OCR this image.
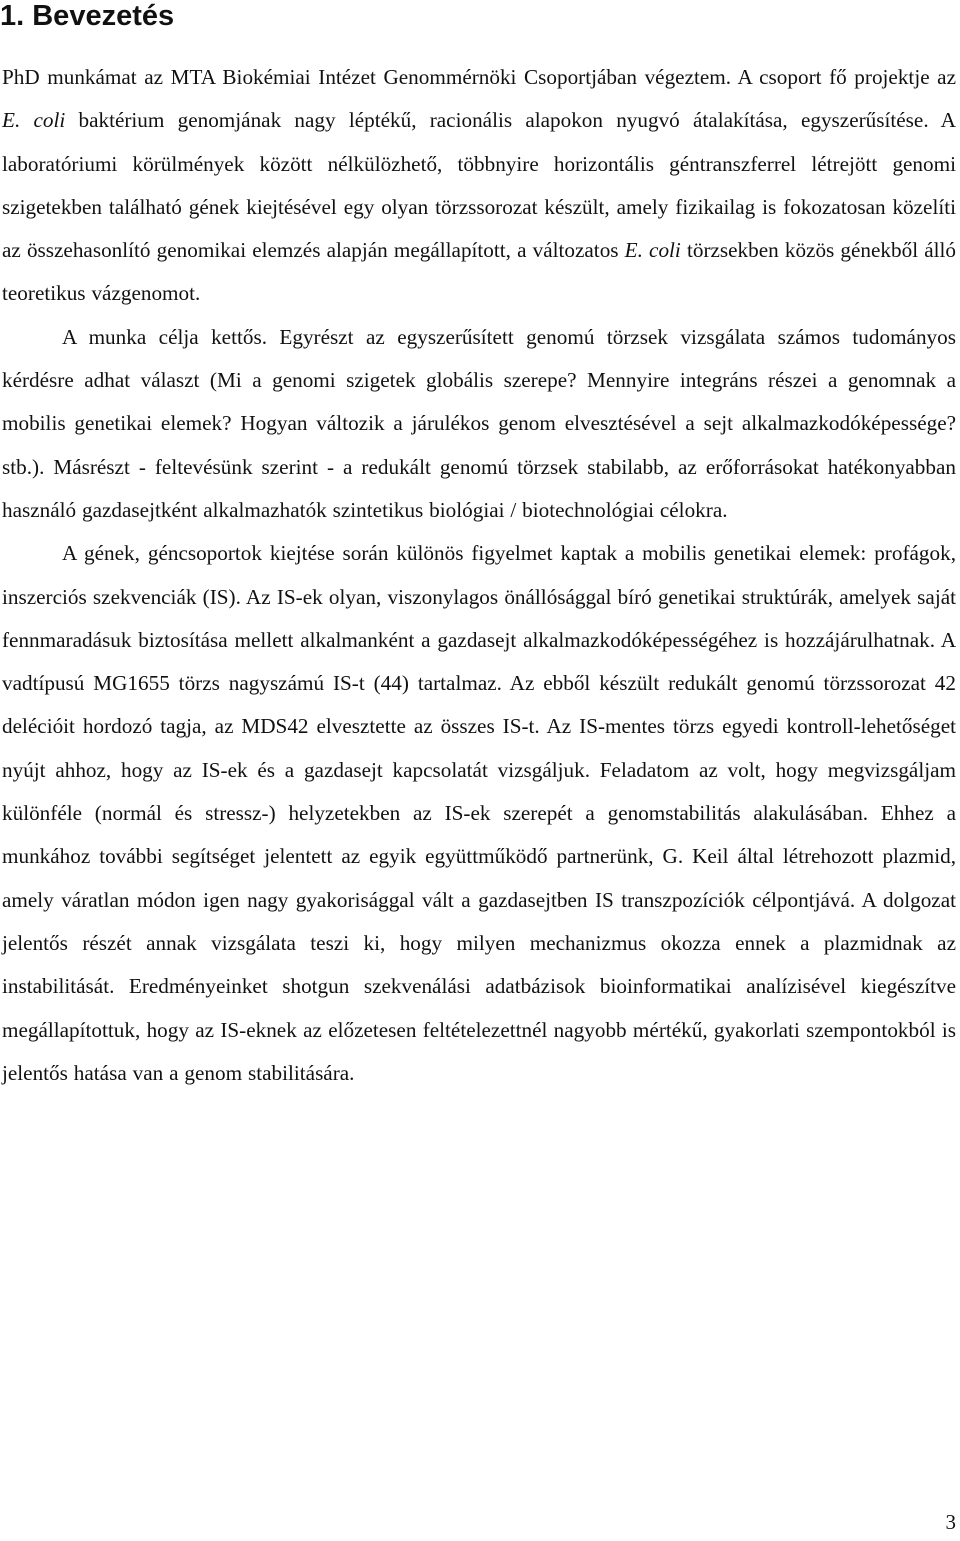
1. Bevezetés

PhD munkámat az MTA Biokémiai Intézet Genommérnöki Csoportjában végeztem. A csoport fő projektje az E. coli baktérium genomjának nagy léptékű, racionális alapokon nyugvó átalakítása, egyszerűsítése. A laboratóriumi körülmények között nélkülözhető, többnyire horizontális géntranszferrel létrejött genomi szigetekben található gének kiejtésével egy olyan törzssorozat készült, amely fizikailag is fokozatosan közelíti az összehasonlító genomikai elemzés alapján megállapított, a változatos E. coli törzsekben közös génekből álló teoretikus vázgenomot.

A munka célja kettős. Egyrészt az egyszerűsített genomú törzsek vizsgálata számos tudományos kérdésre adhat választ (Mi a genomi szigetek globális szerepe? Mennyire integráns részei a genomnak a mobilis genetikai elemek? Hogyan változik a járulékos genom elvesztésével a sejt alkalmazkodóképessége? stb.). Másrészt - feltevésünk szerint - a redukált genomú törzsek stabilabb, az erőforrásokat hatékonyabban használó gazdasejtként alkalmazhatók szintetikus biológiai / biotechnológiai célokra.

A gének, géncsoportok kiejtése során különös figyelmet kaptak a mobilis genetikai elemek: profágok, inszerciós szekvenciák (IS). Az IS-ek olyan, viszonylagos önállósággal bíró genetikai struktúrák, amelyek saját fennmaradásuk biztosítása mellett alkalmanként a gazdasejt alkalmazkodóképességéhez is hozzájárulhatnak. A vadtípusú MG1655 törzs nagyszámú IS-t (44) tartalmaz. Az ebből készült redukált genomú törzssorozat 42 delécióit hordozó tagja, az MDS42 elvesztette az összes IS-t. Az IS-mentes törzs egyedi kontroll-lehetőséget nyújt ahhoz, hogy az IS-ek és a gazdasejt kapcsolatát vizsgáljuk. Feladatom az volt, hogy megvizsgáljam különféle (normál és stressz-) helyzetekben az IS-ek szerepét a genomstabilitás alakulásában. Ehhez a munkához további segítséget jelentett az egyik együttműködő partnerünk, G. Keil által létrehozott plazmid, amely váratlan módon igen nagy gyakorisággal vált a gazdasejtben IS transzpozíciók célpontjává. A dolgozat jelentős részét annak vizsgálata teszi ki, hogy milyen mechanizmus okozza ennek a plazmidnak az instabilitását. Eredményeinket shotgun szekvenálási adatbázisok bioinformatikai analízisével kiegészítve megállapítottuk, hogy az IS-eknek az előzetesen feltételezettnél nagyobb mértékű, gyakorlati szempontokból is jelentős hatása van a genom stabilitására.

3
